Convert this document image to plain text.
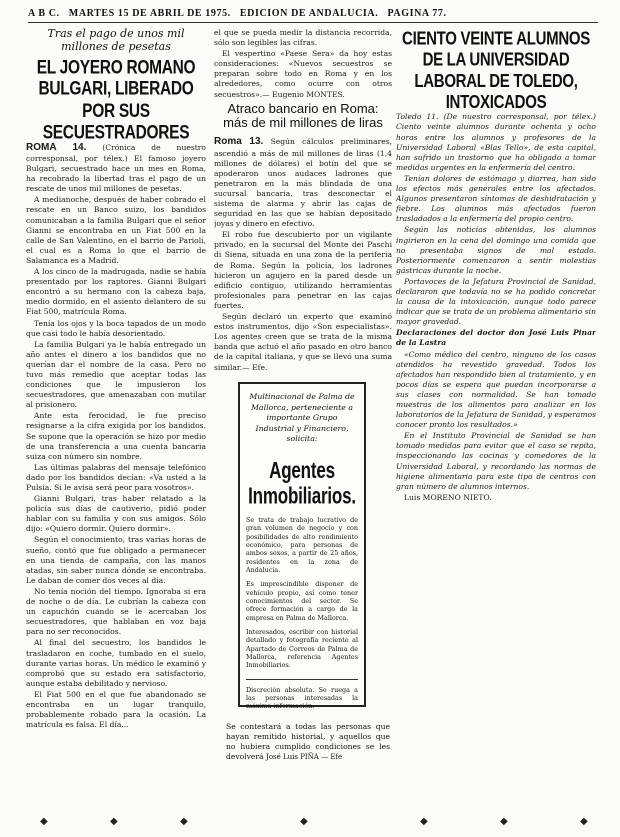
A B C. MARTES 15 DE ABRIL DE 1975. EDICION DE ANDALUCIA. PAGINA 77.
Tras el pago de unos mil millones de pesetas
EL JOYERO ROMANO BULGARI, LIBERADO POR SUS SECUESTRADORES

ROMA 14. (Crónica de nuestro corresponsal, por télex.) El famoso joyero Bulgari, secuestrado hace un mes en Roma, ha recobrado la libertad tras el pago de un rescate de unos mil millones de pesetas.

A medianoche, después de haber cobrado el rescate en un Banco suizo, los bandidos comunicaban a la familia Bulgari que el señor Gianni se encontraba en un Fiat 500 en la calle de San Valentino, en el barrio de Parioli, el cual es a Roma lo que el barrio de Salamanca es a Madrid.

A los cinco de la madrugada, nadie se había presentado por los raptores. Gianni Bulgari encontró a su hermano con la cabeza baja, medio dormido, en el asiento delantero de su Fiat 500, matrícula Roma.

Tenía los ojos y la boca tapados de un modo que casi todo le había desorientado.

La familia Bulgari ya le había entregado un año antes el dinero a los bandidos que no querían dar el nombre de la casa. Pero no tuvo más remedio que aceptar todas las condiciones que le impusieron los secuestradores, que amenazaban con mutilar al prisionero.

Ante esta ferocidad, le fue preciso resignarse a la cifra exigida por los bandidos. Se supone que la operación se hizo por medio de una transferencia a una cuenta bancaria suiza con número sin nombre.

Las últimas palabras del mensaje telefónico dado por los bandidos decían: «Va usted a la Pulsia. Si le avisa será peor para vosotros».

Gianni Bulgari, tras haber relatado a la policía sus días de cautiverio, pidió poder hablar con su familia y con sus amigos. Sólo dijo: «Quiero dormir. Quiero dormir».

Según el conocimiento, tras varias horas de sueño, contó que fue obligado a permanecer en una tienda de campaña, con las manos atadas, sin saber nunca dónde se encontraba. Le daban de comer dos veces al día.

No tenía noción del tiempo. Ignoraba si era de noche o de día. Le cubrían la cabeza con un capuchón cuando se le acercaban los secuestradores, que hablaban en voz baja para no ser reconocidos.

Al final del secuestro, los bandidos le trasladaron en coche, tumbado en el suelo, durante varias horas. Un médico le examinó y comprobó que su estado era satisfactorio, aunque estaba debilitado y nervioso.

El Fiat 500 en el que fue abandonado se encontraba en un lugar tranquilo, probablemente robado para la ocasión. La matrícula es falsa. El día...

el que se pueda medir la distancia recorrida, sólo son legibles las cifras.

El vespertino «Paese Sera» da hoy estas consideraciones: «Nuevos secuestros se preparan sobre todo en Roma y en los alrededores, como ocurre con otros secuestros».— Eugenio MONTES.

Atraco bancario en Roma: más de mil millones de liras

Roma 13. Según cálculos preliminares, ascendió a más de mil millones de liras (1,4 millones de dólares) el botín del que se apoderaron unos audaces ladrones que penetraron en la más blindada de una sucursal bancaria, tras desconectar el sistema de alarma y abrir las cajas de seguridad en las que se habían depositado joyas y dinero en efectivo.

El robo fue descubierto por un vigilante privado, en la sucursal del Monte dei Paschi di Siena, situada en una zona de la periferia de Roma. Según la policía, los ladrones hicieron un agujero en la pared desde un edificio contiguo, utilizando herramientas profesionales para penetrar en las cajas fuertes.

Según declaró un experto que examinó estos instrumentos, dijo «Son especialistas». Los agentes creen que se trata de la misma banda que actuó el año pasado en otro banco de la capital italiana, y que se llevó una suma similar.— Efe.

Multinacional de Palma de Mallorca, perteneciente a importante Grupo Industrial y Financiero, solicita:
Agentes Inmobiliarios.
Se trata de trabajo lucrativo de gran volumen de negocio y con posibilidades de alto rendimiento económico, para personas de ambos sexos, a partir de 25 años, residentes en la zona de Andalucía.
Es imprescindible disponer de vehículo propio, así como tener conocimientos del sector. Se ofrece formación a cargo de la empresa en Palma de Mallorca.
Interesados, escribir con historial detallado y fotografía reciente al Apartado de Correos de Palma de Mallorca, referencia Agentes Inmobiliarios.
Discreción absoluta. Se ruega a las personas interesadas la máxima información.
Se contestará a todas las personas que hayan remitido historial, y aquellos que no hubiera cumplido condiciones se les devolverá José Luis PIÑA — Efe
CIENTO VEINTE ALUMNOS DE LA UNIVERSIDAD LABORAL DE TOLEDO, INTOXICADOS

Toledo 11. (De nuestro corresponsal, por télex.) Ciento veinte alumnos durante ochenta y ocho horas entre los alumnos y profesores de la Universidad Laboral «Blas Tello», de esta capital, han sufrido un trastorno que ha obligado a tomar medidas urgentes en la enfermería del centro.

Tenían dolores de estómago y diarrea, han sido los efectos más generales entre los afectados. Algunos presentaron síntomas de deshidratación y fiebre. Los alumnos más afectados fueron trasladados a la enfermería del propio centro.

Según las noticias obtenidas, los alumnos ingirieron en la cena del domingo una comida que no presentaba signos de mal estado. Posteriormente comenzaron a sentir molestias gástricas durante la noche.

Portavoces de la Jefatura Provincial de Sanidad, declararon que todavía no se ha podido concretar la causa de la intoxicación, aunque todo parece indicar que se trata de un problema alimentario sin mayor gravedad.

Declaraciones del doctor don José Luis Pinar de la Lastra

«Como médico del centro, ninguno de los casos atendidos ha revestido gravedad. Todos los afectados han respondido bien al tratamiento, y en pocos días se espera que puedan incorporarse a sus clases con normalidad. Se han tomado muestras de los alimentos para analizar en los laboratorios de la Jefatura de Sanidad, y esperamos conocer pronto los resultados.»

En el Instituto Provincial de Sanidad se han tomado medidas para evitar que el caso se repita, inspeccionando las cocinas y comedores de la Universidad Laboral, y recordando las normas de higiene alimentaria para este tipo de centros con gran número de alumnos internos.

Luis MORENO NIETO.

◆	◆	◆	◆	◆	◆	◆
